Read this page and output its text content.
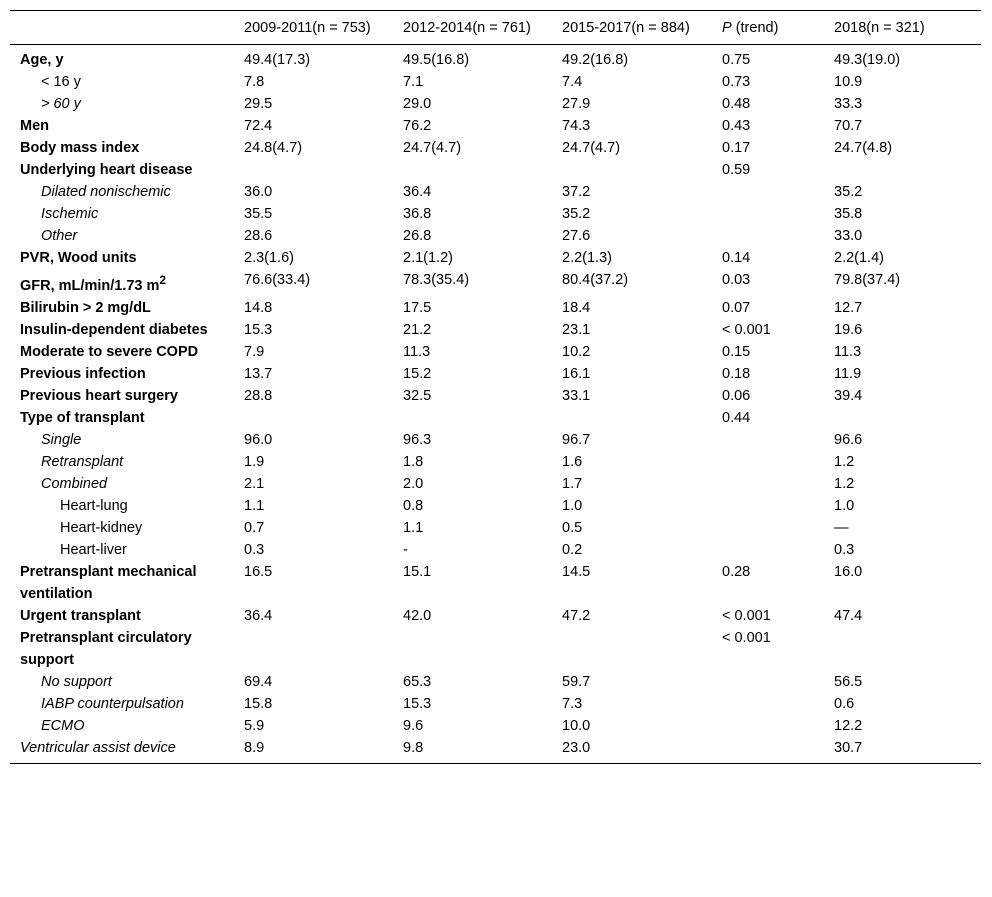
	2009-2011(n = 753)	2012-2014(n = 761)	2015-2017(n = 884)	P (trend)	2018(n = 321)
Age, y	49.4(17.3)	49.5(16.8)	49.2(16.8)	0.75	49.3(19.0)
< 16 y	7.8	7.1	7.4	0.73	10.9
> 60 y	29.5	29.0	27.9	0.48	33.3
Men	72.4	76.2	74.3	0.43	70.7
Body mass index	24.8(4.7)	24.7(4.7)	24.7(4.7)	0.17	24.7(4.8)
Underlying heart disease				0.59	
Dilated nonischemic	36.0	36.4	37.2		35.2
Ischemic	35.5	36.8	35.2		35.8
Other	28.6	26.8	27.6		33.0
PVR, Wood units	2.3(1.6)	2.1(1.2)	2.2(1.3)	0.14	2.2(1.4)
GFR, mL/min/1.73 $m^2$	76.6(33.4)	78.3(35.4)	80.4(37.2)	0.03	79.8(37.4)
Bilirubin > 2 mg/dL	14.8	17.5	18.4	0.07	12.7
Insulin-dependent diabetes	15.3	21.2	23.1	< 0.001	19.6
Moderate to severe COPD	7.9	11.3	10.2	0.15	11.3
Previous infection	13.7	15.2	16.1	0.18	11.9
Previous heart surgery	28.8	32.5	33.1	0.06	39.4
Type of transplant				0.44	
Single	96.0	96.3	96.7		96.6
Retransplant	1.9	1.8	1.6		1.2
Combined	2.1	2.0	1.7		1.2
Heart-lung	1.1	0.8	1.0		1.0
Heart-kidney	0.7	1.1	0.5		—
Heart-liver	0.3	-	0.2		0.3
Pretransplant mechanical ventilation	16.5	15.1	14.5	0.28	16.0
Urgent transplant	36.4	42.0	47.2	< 0.001	47.4
Pretransplant circulatory support				< 0.001	
No support	69.4	65.3	59.7		56.5
IABP counterpulsation	15.8	15.3	7.3		0.6
ECMO	5.9	9.6	10.0		12.2
Ventricular assist device	8.9	9.8	23.0		30.7
